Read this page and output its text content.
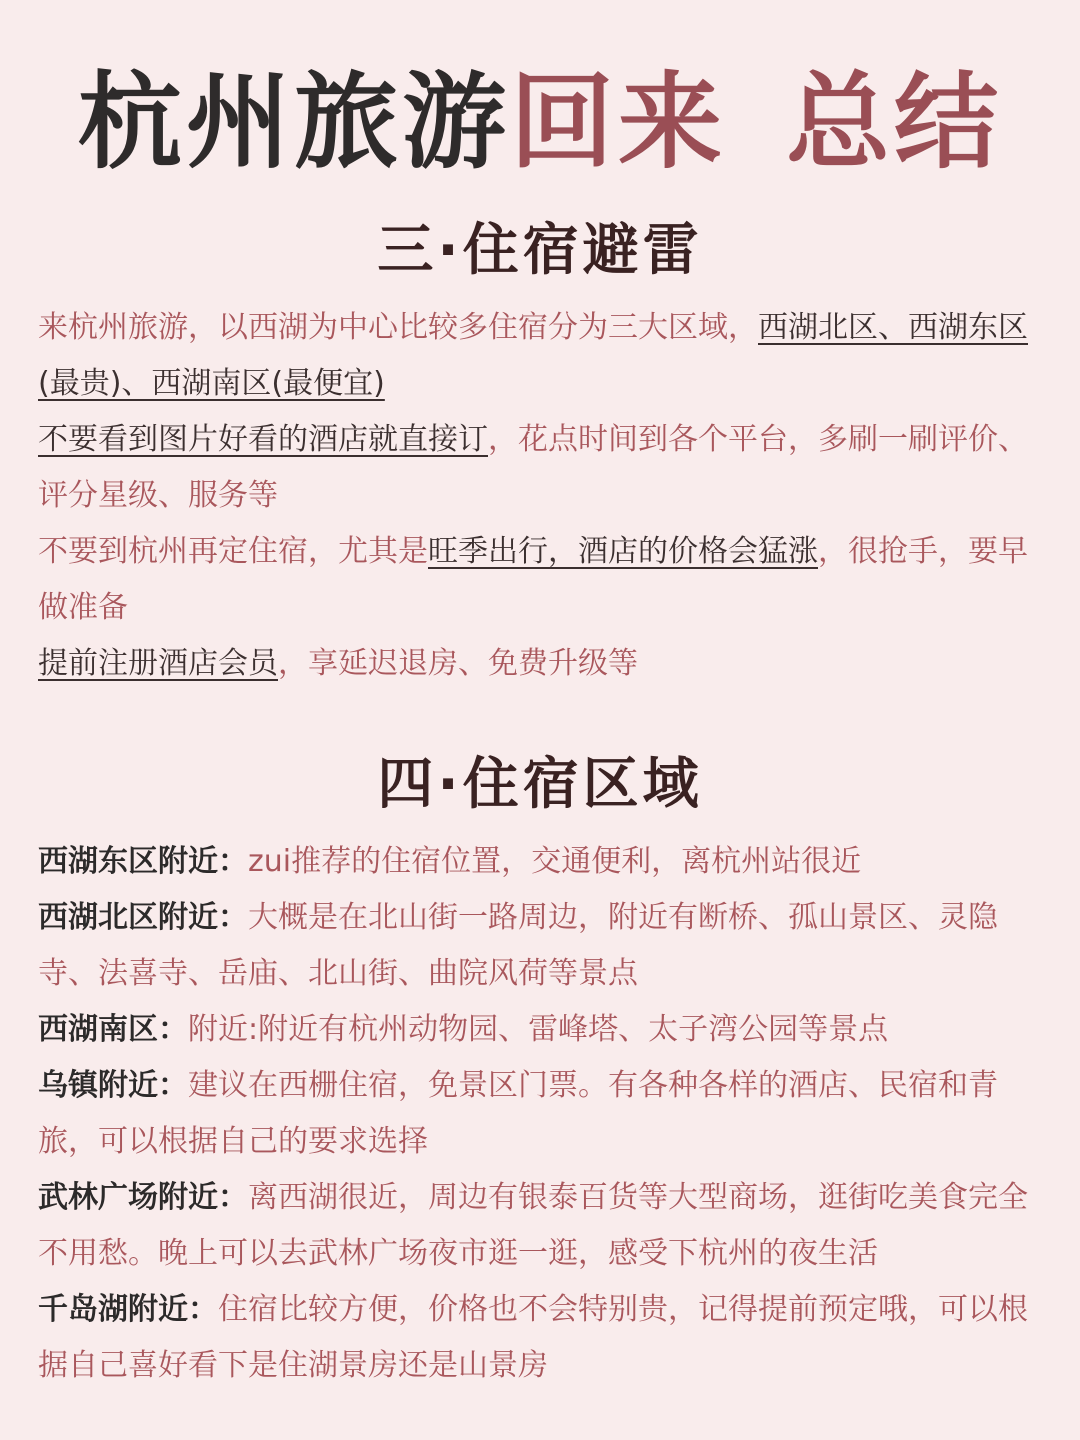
杭州旅游回来 总结
三·住宿避雷

来杭州旅游，以西湖为中心比较多住宿分为三大区域，西湖北区、西湖东区(最贵)、西湖南区(最便宜)

不要看到图片好看的酒店就直接订，花点时间到各个平台，多刷一刷评价、评分星级、服务等

不要到杭州再定住宿，尤其是旺季出行，酒店的价格会猛涨，很抢手，要早做准备

提前注册酒店会员，享延迟退房、免费升级等

四·住宿区域

西湖东区附近：zui推荐的住宿位置，交通便利，离杭州站很近

西湖北区附近：大概是在北山街一路周边，附近有断桥、孤山景区、灵隐寺、法喜寺、岳庙、北山街、曲院风荷等景点

西湖南区：附近:附近有杭州动物园、雷峰塔、太子湾公园等景点

乌镇附近：建议在西栅住宿，免景区门票。有各种各样的酒店、民宿和青旅，可以根据自己的要求选择

武林广场附近：离西湖很近，周边有银泰百货等大型商场，逛街吃美食完全不用愁。晚上可以去武林广场夜市逛一逛，感受下杭州的夜生活

千岛湖附近：住宿比较方便，价格也不会特别贵，记得提前预定哦，可以根据自己喜好看下是住湖景房还是山景房
